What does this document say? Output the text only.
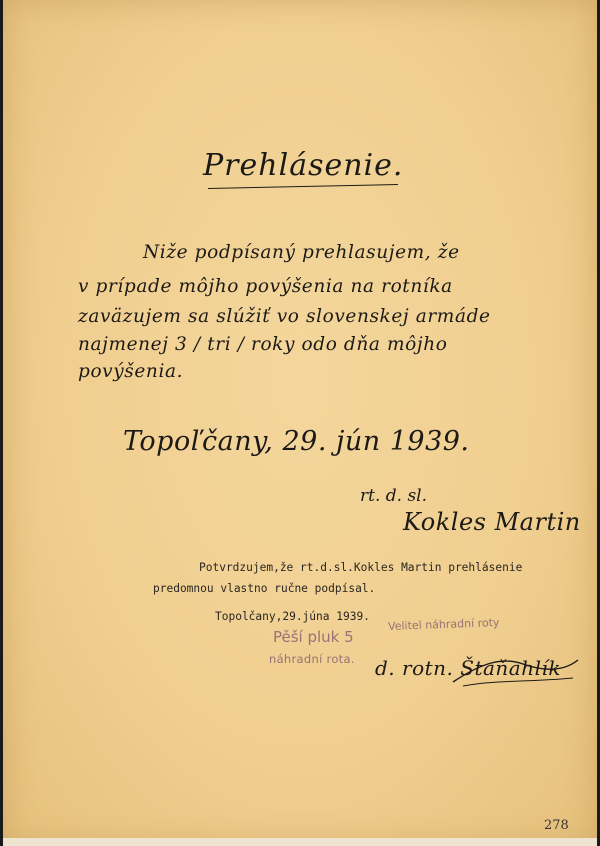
Prehlásenie.

Niže podpísaný prehlasujem, že

v prípade môjho povýšenia na rotníka

zaväzujem sa slúžiť vo slovenskej armáde

najmenej 3 / tri / roky odo dňa môjho

povýšenia.

Topoľčany, 29. jún 1939.

rt. d. sl.

Kokles Martin

Potvrdzujem,že rt.d.sl.Kokles Martin prehlásenie

predomnou vlastno ručne podpísal.

Topolčany,29.júna 1939.

Pěší pluk 5

náhradní rota.

Velitel náhradní roty

d. rotn. Štaňahlík

278
